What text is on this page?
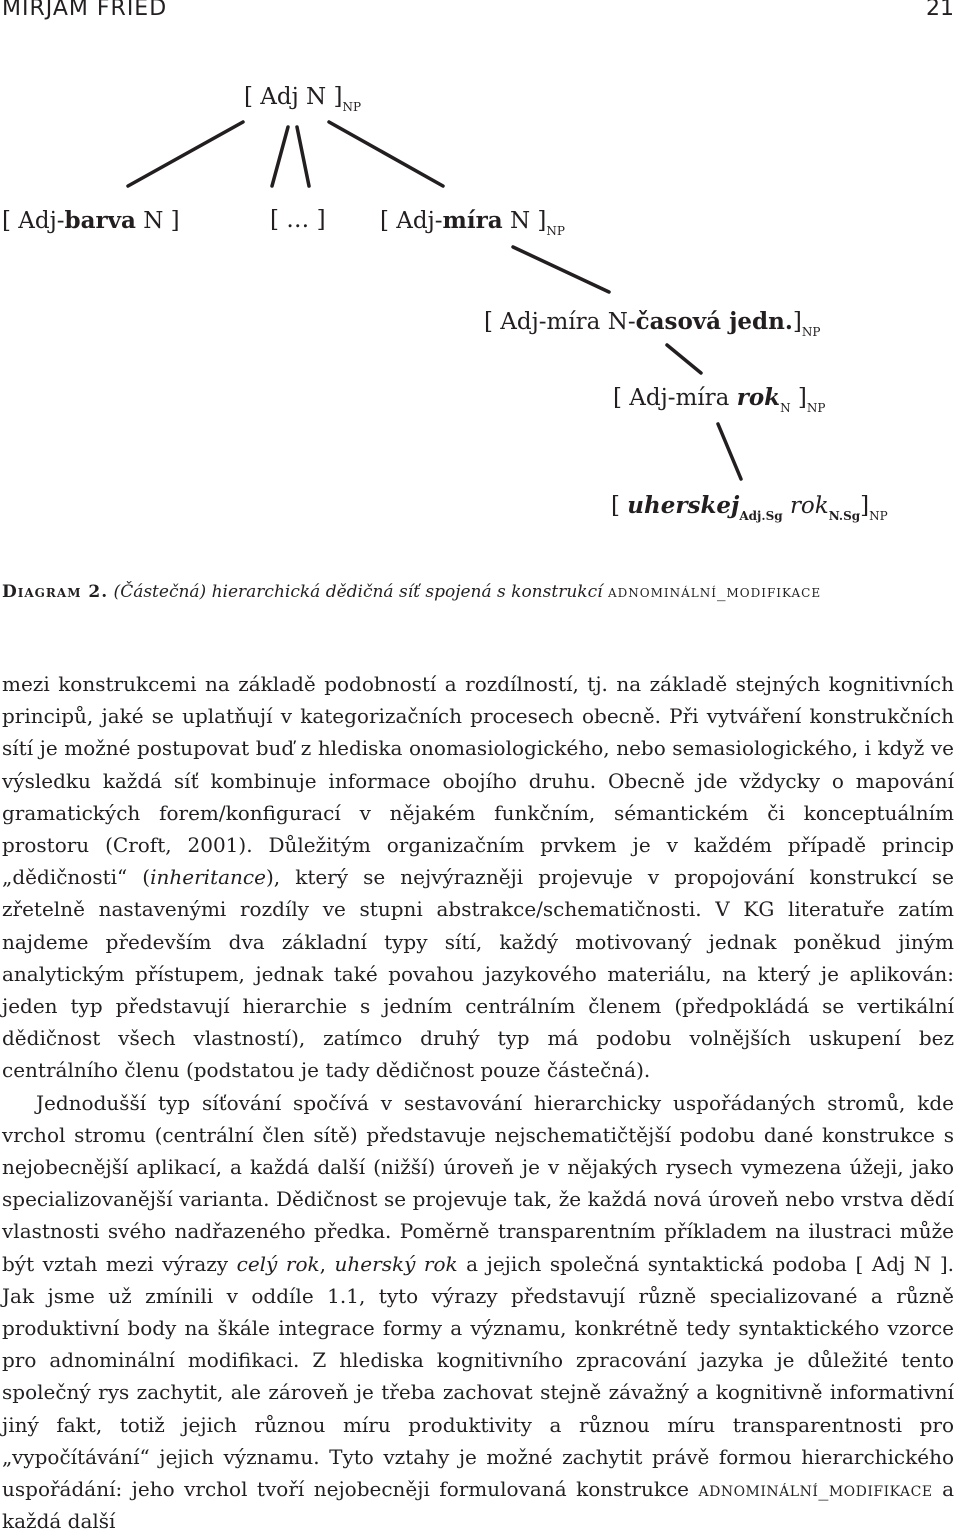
MIRJAM FRIED	21
[ Adj N ]$_{NP}$
[ Adj-barva N ]	[ … ] [ Adj-míra N ]$_{NP}$
[ Adj-míra N-časová $jedn.]_{NP}$
[ Adj-míra rok$_N$ ]$_{NP}$
[ uherskej$_{Adj.Sg}$ $rok_{N.Sg}]_{NP}$
Diagram 2. (Částečná) hierarchická dědičná síť spojená s konstrukcí adnominální_modifikace

mezi konstrukcemi na základě podobností a rozdílností, tj. na základě stejných kognitivních principů, jaké se uplatňují v kategorizačních procesech obecně. Při vytváření konstrukčních sítí je možné postupovat buď z hlediska onomasiologického, nebo semasiologického, i když ve výsledku každá síť kombinuje informace obojího druhu. Obecně jde vždycky o mapování gramatických forem/konfigurací v nějakém funkčním, sémantickém či konceptuálním prostoru (Croft, 2001). Důležitým organizačním prvkem je v každém případě princip „dědičnosti“ (inheritance), který se nejvýrazněji projevuje v propojování konstrukcí se zřetelně nastavenými rozdíly ve stupni abstrakce/schematičnosti. V KG literatuře zatím najdeme především dva základní typy sítí, každý motivovaný jednak poněkud jiným analytickým přístupem, jednak také povahou jazykového materiálu, na který je aplikován: jeden typ představují hierarchie s jedním centrálním členem (předpokládá se vertikální dědičnost všech vlastností), zatímco druhý typ má podobu volnějších uskupení bez centrálního členu (podstatou je tady dědičnost pouze částečná).

Jednodušší typ síťování spočívá v sestavování hierarchicky uspořádaných stromů, kde vrchol stromu (centrální člen sítě) představuje nejschematičtější podobu dané konstrukce s nejobecnější aplikací, a každá další (nižší) úroveň je v nějakých rysech vymezena úžeji, jako specializovanější varianta. Dědičnost se projevuje tak, že každá nová úroveň nebo vrstva dědí vlastnosti svého nadřazeného předka. Poměrně transparentním příkladem na ilustraci může být vztah mezi výrazy celý rok, uherský rok a jejich společná syntaktická podoba [ Adj N ]. Jak jsme už zmínili v oddíle 1.1, tyto výrazy představují různě specializované a různě produktivní body na škále integrace formy a významu, konkrétně tedy syntaktického vzorce pro adnominální modifikaci. Z hlediska kognitivního zpracování jazyka je důležité tento společný rys zachytit, ale zároveň je třeba zachovat stejně závažný a kognitivně informativní jiný fakt, totiž jejich různou míru produktivity a různou míru transparentnosti pro „vypočítávání“ jejich významu. Tyto vztahy je možné zachytit právě formou hierarchického uspořádání: jeho vrchol tvoří nejobecněji formulovaná konstrukce adnominální_modifikace a každá další
